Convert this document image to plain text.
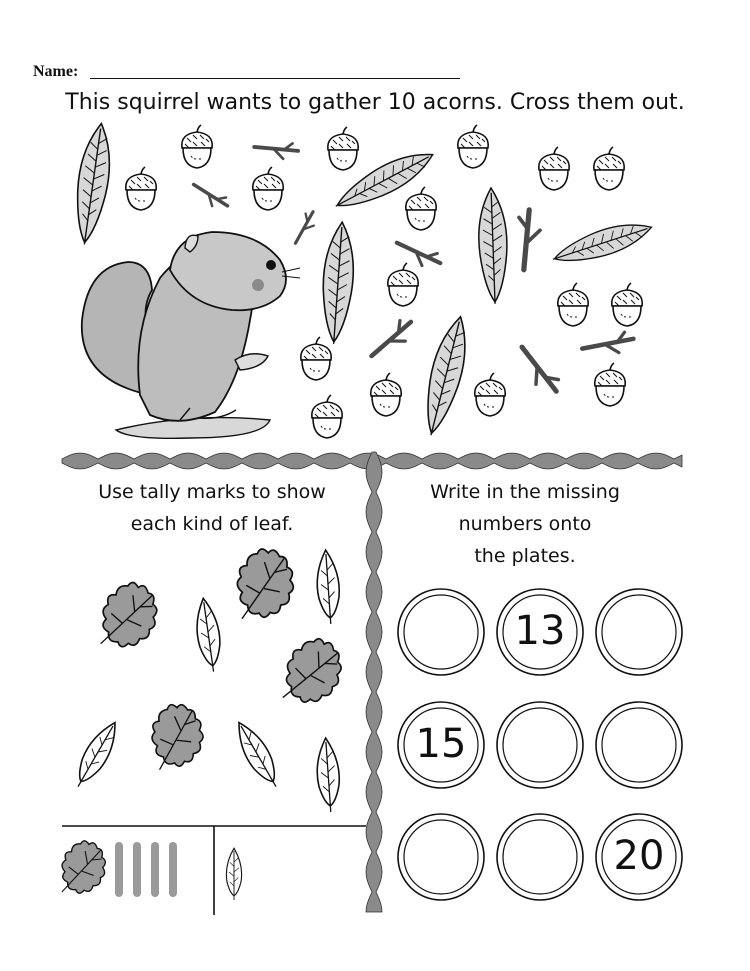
Name:
This squirrel wants to gather 10 acorns. Cross them out.
Use tally marks to show
each kind of leaf.
Write in the missing
numbers onto
the plates.
13
15
20
